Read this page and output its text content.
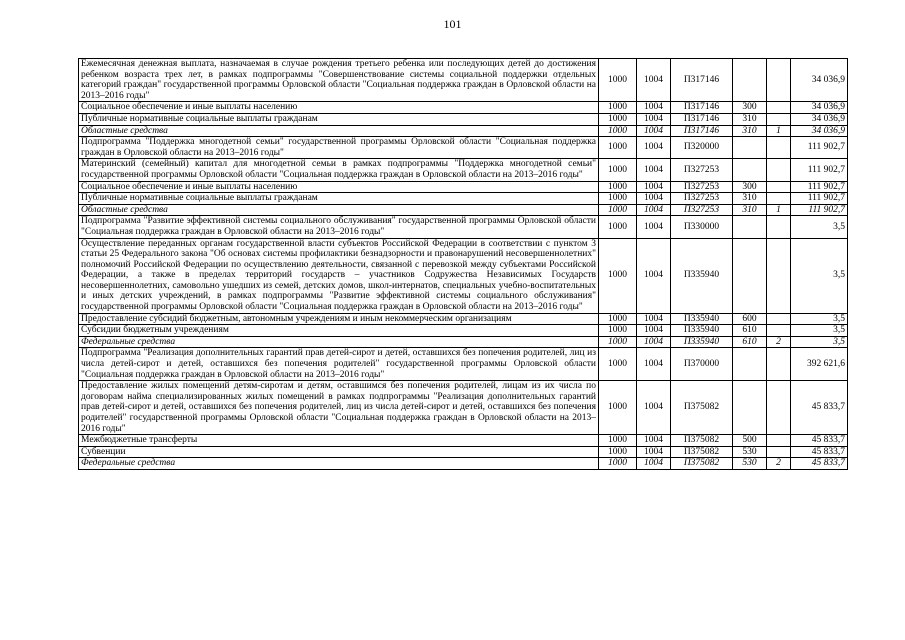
101
Ежемесячная денежная выплата, назначаемая в случае рождения третьего ребенка или последующих детей до достижения ребенком возраста трех лет, в рамках подпрограммы "Совершенствование системы социальной поддержки отдельных категорий граждан" государственной программы Орловской области "Социальная поддержка граждан в Орловской области на 2013–2016 годы"	1000	1004	П317146			34 036,9
Социальное обеспечение и иные выплаты населению	1000	1004	П317146	300		34 036,9
Публичные нормативные социальные выплаты гражданам	1000	1004	П317146	310		34 036,9
Областные средства	1000	1004	П317146	310	1	34 036,9
Подпрограмма "Поддержка многодетной семьи" государственной программы Орловской области "Социальная поддержка граждан в Орловской области на 2013–2016 годы"	1000	1004	П320000			111 902,7
Материнский (семейный) капитал для многодетной семьи в рамках подпрограммы "Поддержка многодетной семьи" государственной программы Орловской области "Социальная поддержка граждан в Орловской области на 2013–2016 годы"	1000	1004	П327253			111 902,7
Социальное обеспечение и иные выплаты населению	1000	1004	П327253	300		111 902,7
Публичные нормативные социальные выплаты гражданам	1000	1004	П327253	310		111 902,7
Областные средства	1000	1004	П327253	310	1	111 902,7
Подпрограмма "Развитие эффективной системы социального обслуживания" государственной программы Орловской области "Социальная поддержка граждан в Орловской области на 2013–2016 годы"	1000	1004	П330000			3,5
Осуществление переданных органам государственной власти субъектов Российской Федерации в соответствии с пунктом 3 статьи 25 Федерального закона "Об основах системы профилактики безнадзорности и правонарушений несовершеннолетних" полномочий Российской Федерации по осуществлению деятельности, связанной с перевозкой между субъектами Российской Федерации, а также в пределах территорий государств – участников Содружества Независимых Государств несовершеннолетних, самовольно ушедших из семей, детских домов, школ-интернатов, специальных учебно-воспитательных и иных детских учреждений, в рамках подпрограммы "Развитие эффективной системы социального обслуживания" государственной программы Орловской области "Социальная поддержка граждан в Орловской области на 2013–2016 годы"	1000	1004	П335940			3,5
Предоставление субсидий бюджетным, автономным учреждениям и иным некоммерческим организациям	1000	1004	П335940	600		3,5
Субсидии бюджетным учреждениям	1000	1004	П335940	610		3,5
Федеральные средства	1000	1004	П335940	610	2	3,5
Подпрограмма "Реализация дополнительных гарантий прав детей-сирот и детей, оставшихся без попечения родителей, лиц из числа детей-сирот и детей, оставшихся без попечения родителей" государственной программы Орловской области "Социальная поддержка граждан в Орловской области на 2013–2016 годы"	1000	1004	П370000			392 621,6
Предоставление жилых помещений детям-сиротам и детям, оставшимся без попечения родителей, лицам из их числа по договорам найма специализированных жилых помещений в рамках подпрограммы "Реализация дополнительных гарантий прав детей-сирот и детей, оставшихся без попечения родителей, лиц из числа детей-сирот и детей, оставшихся без попечения родителей" государственной программы Орловской области "Социальная поддержка граждан в Орловской области на 2013–2016 годы"	1000	1004	П375082			45 833,7
Межбюджетные трансферты	1000	1004	П375082	500		45 833,7
Субвенции	1000	1004	П375082	530		45 833,7
Федеральные средства	1000	1004	П375082	530	2	45 833,7
